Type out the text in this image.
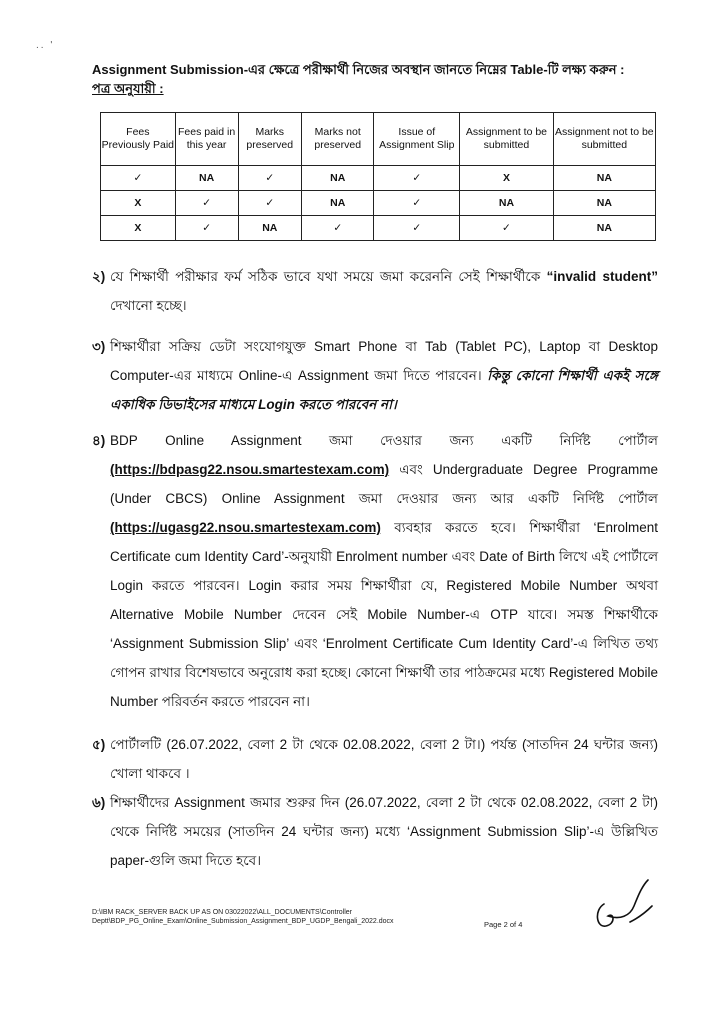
.. '
Assignment Submission-এর ক্ষেত্রে পরীক্ষার্থী নিজের অবস্থান জানতে নিম্নের Table-টি লক্ষ্য করুন :
পত্র অনুযায়ী :
Fees Previously Paid	Fees paid in this year	Marks preserved	Marks not preserved	Issue of Assignment Slip	Assignment to be submitted	Assignment not to be submitted
✓	NA	✓	NA	✓	X	NA
X	✓	✓	NA	✓	NA	NA
X	✓	NA	✓	✓	✓	NA
২) যে শিক্ষার্থী পরীক্ষার ফর্ম সঠিক ভাবে যথা সময়ে জমা করেননি সেই শিক্ষার্থীকে “invalid student” দেখানো হচ্ছে।

৩) শিক্ষার্থীরা সক্রিয় ডেটা সংযোগযুক্ত Smart Phone বা Tab (Tablet PC), Laptop বা Desktop Computer-এর মাধ্যমে Online-এ Assignment জমা দিতে পারবেন। কিন্তু কোনো শিক্ষার্থী একই সঙ্গে একাধিক ডিভাইসের মাধ্যমে Login করতে পারবেন না।

৪) BDP Online Assignment জমা দেওয়ার জন্য একটি নির্দিষ্ট পোর্টাল (https://bdpasg22.nsou.smartestexam.com) এবং Undergraduate Degree Programme (Under CBCS) Online Assignment জমা দেওয়ার জন্য আর একটি নির্দিষ্ট পোর্টাল (https://ugasg22.nsou.smartestexam.com) ব্যবহার করতে হবে। শিক্ষার্থীরা ‘Enrolment Certificate cum Identity Card’-অনুযায়ী Enrolment number এবং Date of Birth লিখে এই পোর্টালে Login করতে পারবেন। Login করার সময় শিক্ষার্থীরা যে, Registered Mobile Number অথবা Alternative Mobile Number দেবেন সেই Mobile Number-এ OTP যাবে। সমস্ত শিক্ষার্থীকে ‘Assignment Submission Slip’ এবং ‘Enrolment Certificate Cum Identity Card’-এ লিখিত তথ্য গোপন রাখার বিশেষভাবে অনুরোধ করা হচ্ছে। কোনো শিক্ষার্থী তার পাঠক্রমের মধ্যে Registered Mobile Number পরিবর্তন করতে পারবেন না।

৫) পোর্টালটি (26.07.2022, বেলা 2 টা থেকে 02.08.2022, বেলা 2 টা।) পর্যন্ত (সাতদিন 24 ঘন্টার জন্য) খোলা থাকবে ।

৬) শিক্ষার্থীদের Assignment জমার শুরুর দিন (26.07.2022, বেলা 2 টা থেকে 02.08.2022, বেলা 2 টা) থেকে নির্দিষ্ট সময়ের (সাতদিন 24 ঘন্টার জন্য) মধ্যে ‘Assignment Submission Slip’-এ উল্লিখিত paper-গুলি জমা দিতে হবে।

D:\IBM RACK_SERVER BACK UP AS ON 03022022\ALL_DOCUMENTS\Controller
Deptt\BDP_PG_Online_Exam\Online_Submission_Assignment_BDP_UGDP_Bengali_2022.docx	Page 2 of 4
